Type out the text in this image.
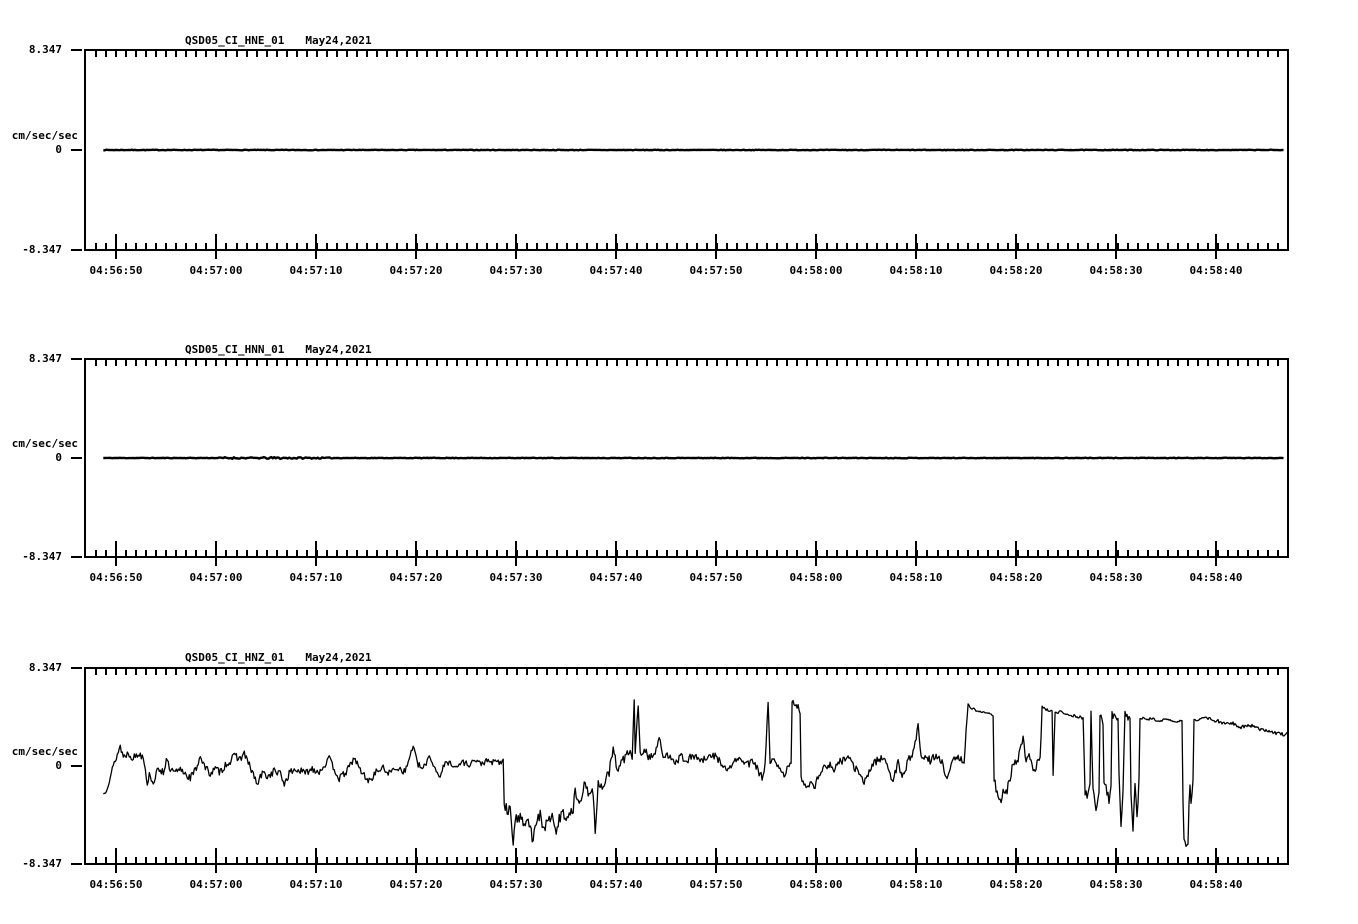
04:56:50	04:57:00	04:57:10	04:57:20	04:57:30	04:57:40	04:57:50	04:58:00	04:58:10	04:58:20	04:58:30	04:58:40
04:56:50	04:57:00	04:57:10	04:57:20	04:57:30	04:57:40	04:57:50	04:58:00	04:58:10	04:58:20	04:58:30	04:58:40
04:56:50	04:57:00	04:57:10	04:57:20	04:57:30	04:57:40	04:57:50	04:58:00	04:58:10	04:58:20	04:58:30	04:58:40
QSD05_CI_HNE_01 May24,2021
8.347
cm/sec/sec
0
-8.347
QSD05_CI_HNN_01 May24,2021
8.347
cm/sec/sec
0
-8.347
QSD05_CI_HNZ_01 May24,2021
8.347
cm/sec/sec
0
-8.347
